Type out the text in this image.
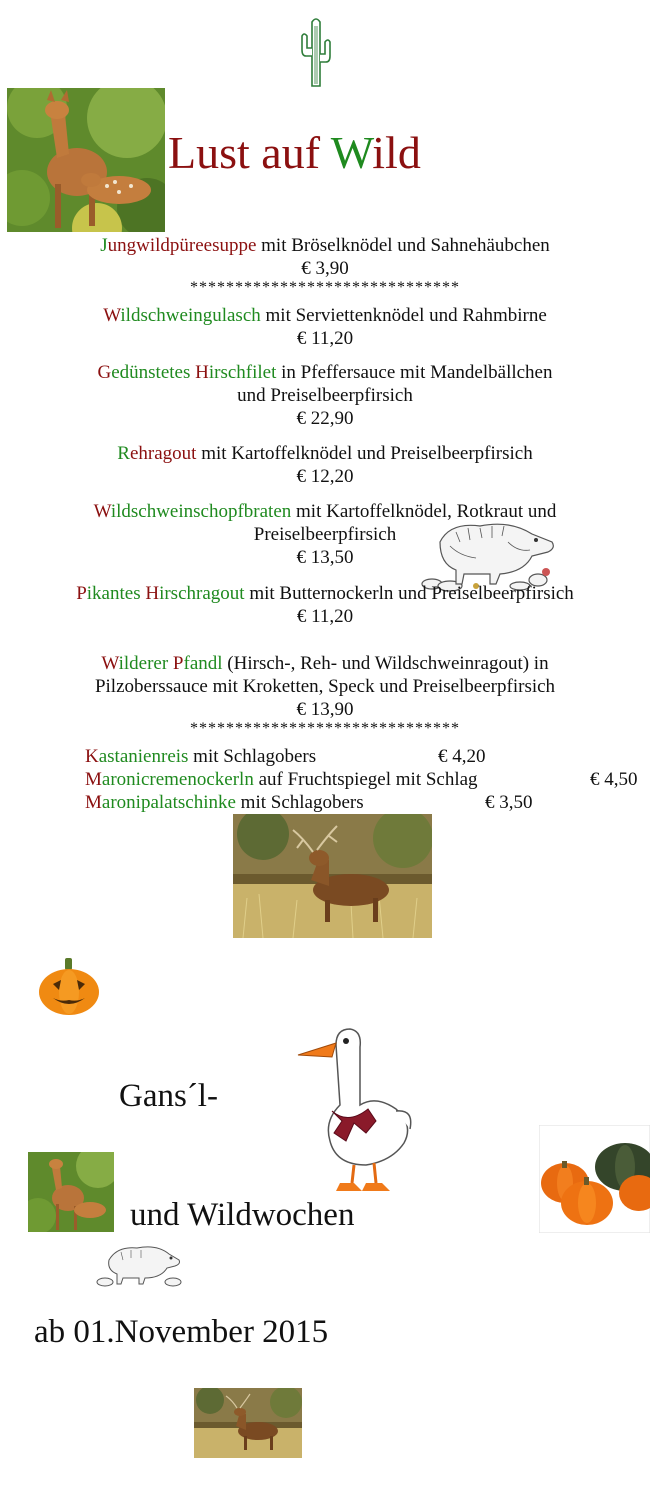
Lust auf Wild
Jungwildpüreesuppe mit Bröselknödel und Sahnehäubchen
€ 3,90
******************************
Wildschweingulasch mit Serviettenknödel und Rahmbirne
€ 11,20
Gedünstetes Hirschfilet in Pfeffersauce mit Mandelbällchen
und Preiselbeerpfirsich
€ 22,90
Rehragout mit Kartoffelknödel und Preiselbeerpfirsich
€ 12,20
Wildschweinschopfbraten mit Kartoffelknödel, Rotkraut und
Preiselbeerpfirsich
€ 13,50
Pikantes Hirschragout mit Butternockerln und Preiselbeerpfirsich
€ 11,20
Wilderer Pfandl (Hirsch-, Reh- und Wildschweinragout) in
Pilzoberssauce mit Kroketten, Speck und Preiselbeerpfirsich
€ 13,90
******************************
Kastanienreis mit Schlagobers	€ 4,20
Maronicremenockerln auf Fruchtspiegel mit Schlag	€ 4,50
Maronipalatschinke mit Schlagobers	€ 3,50
Gans´l-
und Wildwochen
ab 01.November 2015
